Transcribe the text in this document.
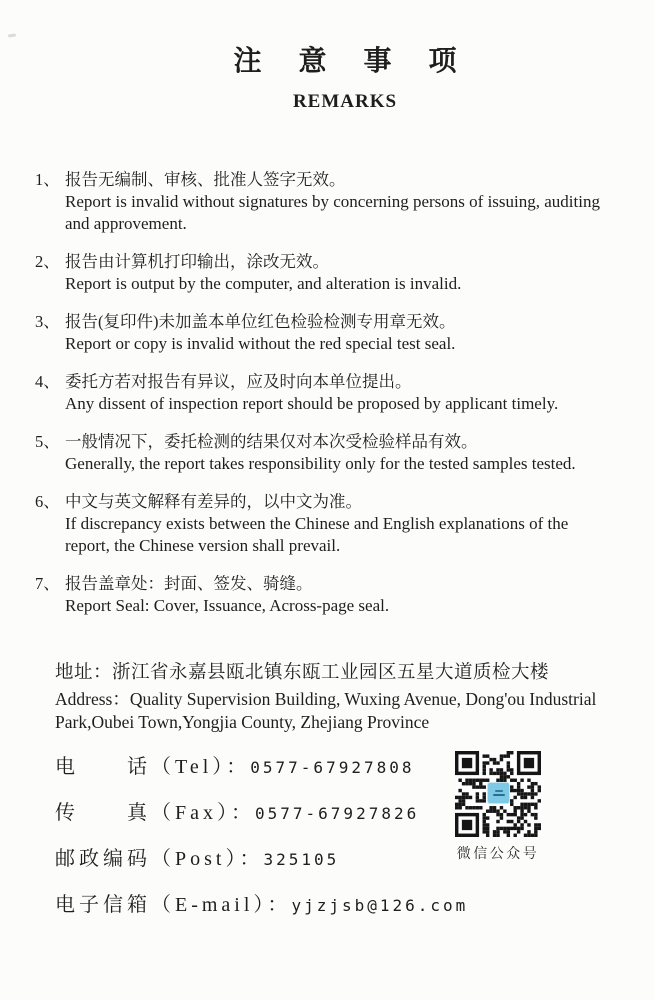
注意事项
REMARKS
1、 报告无编制、审核、批准人签字无效。
Report is invalid without signatures by concerning persons of issuing, auditing and approvement.
2、 报告由计算机打印输出，涂改无效。
Report is output by the computer, and alteration is invalid.
3、 报告(复印件)未加盖本单位红色检验检测专用章无效。
Report or copy is invalid without the red special test seal.
4、 委托方若对报告有异议，应及时向本单位提出。
Any dissent of inspection report should be proposed by applicant timely.
5、 一般情况下，委托检测的结果仅对本次受检验样品有效。
Generally, the report takes responsibility only for the tested samples tested.
6、 中文与英文解释有差异的，以中文为准。
If discrepancy exists between the Chinese and English explanations of the report, the Chinese version shall prevail.
7、 报告盖章处：封面、签发、骑缝。
Report Seal: Cover, Issuance, Across-page seal.
地址：浙江省永嘉县瓯北镇东瓯工业园区五星大道质检大楼
Address：Quality Supervision Building, Wuxing Avenue, Dong'ou Industrial Park,Oubei Town,Yongjia County, Zhejiang Province
电　　话（Tel）：0577-67927808
传　　真（Fax）：0577-67927826
邮政编码（Post）：325105
电子信箱（E-mail）：yjzjsb@126.com
微信公众号
